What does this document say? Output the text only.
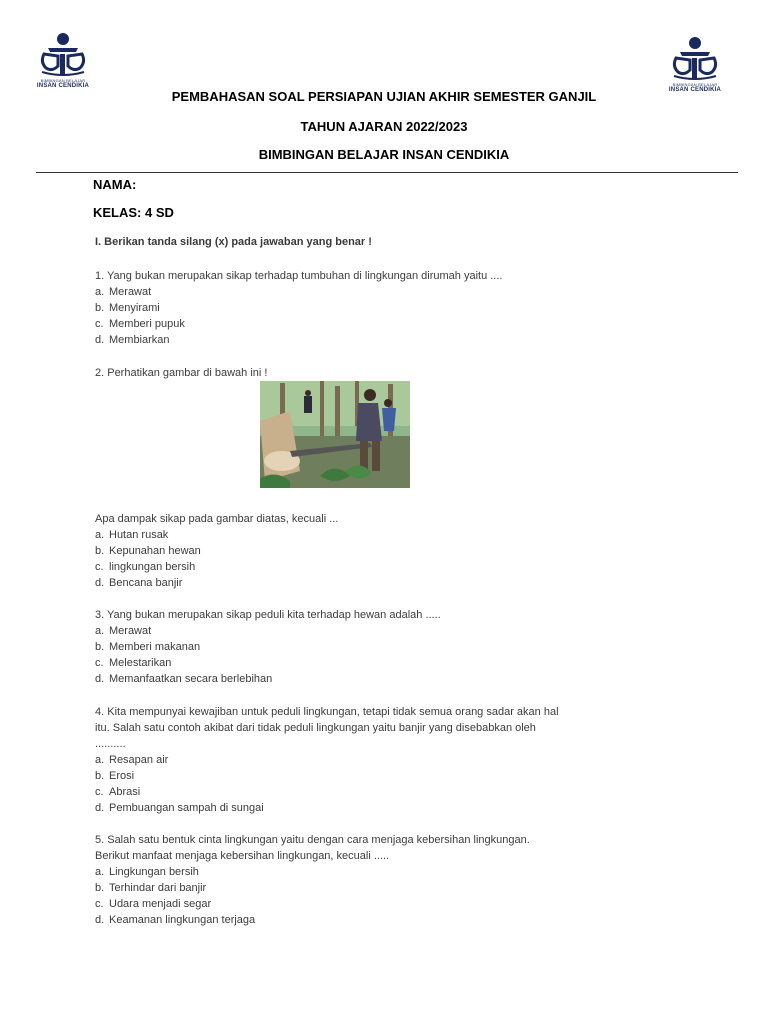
BIMBINGAN BELAJAR
INSAN CENDIKIA	BIMBINGAN BELAJAR
INSAN CENDIKIA
PEMBAHASAN SOAL PERSIAPAN UJIAN AKHIR SEMESTER GANJIL
TAHUN AJARAN 2022/2023
BIMBINGAN BELAJAR INSAN CENDIKIA
NAMA:
KELAS: 4 SD
I. Berikan tanda silang (x) pada jawaban yang benar !
1. Yang bukan merupakan sikap terhadap tumbuhan di lingkungan dirumah yaitu ....
a. Merawat
b. Menyirami
c. Memberi pupuk
d. Membiarkan
2. Perhatikan gambar di bawah ini !
Apa dampak sikap pada gambar diatas, kecuali ...
a. Hutan rusak
b. Kepunahan hewan
c. lingkungan bersih
d. Bencana banjir
3. Yang bukan merupakan sikap peduli kita terhadap hewan adalah .....
a. Merawat
b. Memberi makanan
c. Melestarikan
d. Memanfaatkan secara berlebihan
4. Kita mempunyai kewajiban untuk peduli lingkungan, tetapi tidak semua orang sadar akan hal
itu. Salah satu contoh akibat dari tidak peduli lingkungan yaitu banjir yang disebabkan oleh
..........
a. Resapan air
b. Erosi
c. Abrasi
d. Pembuangan sampah di sungai
5. Salah satu bentuk cinta lingkungan yaitu dengan cara menjaga kebersihan lingkungan.
Berikut manfaat menjaga kebersihan lingkungan, kecuali .....
a. Lingkungan bersih
b. Terhindar dari banjir
c. Udara menjadi segar
d. Keamanan lingkungan terjaga
